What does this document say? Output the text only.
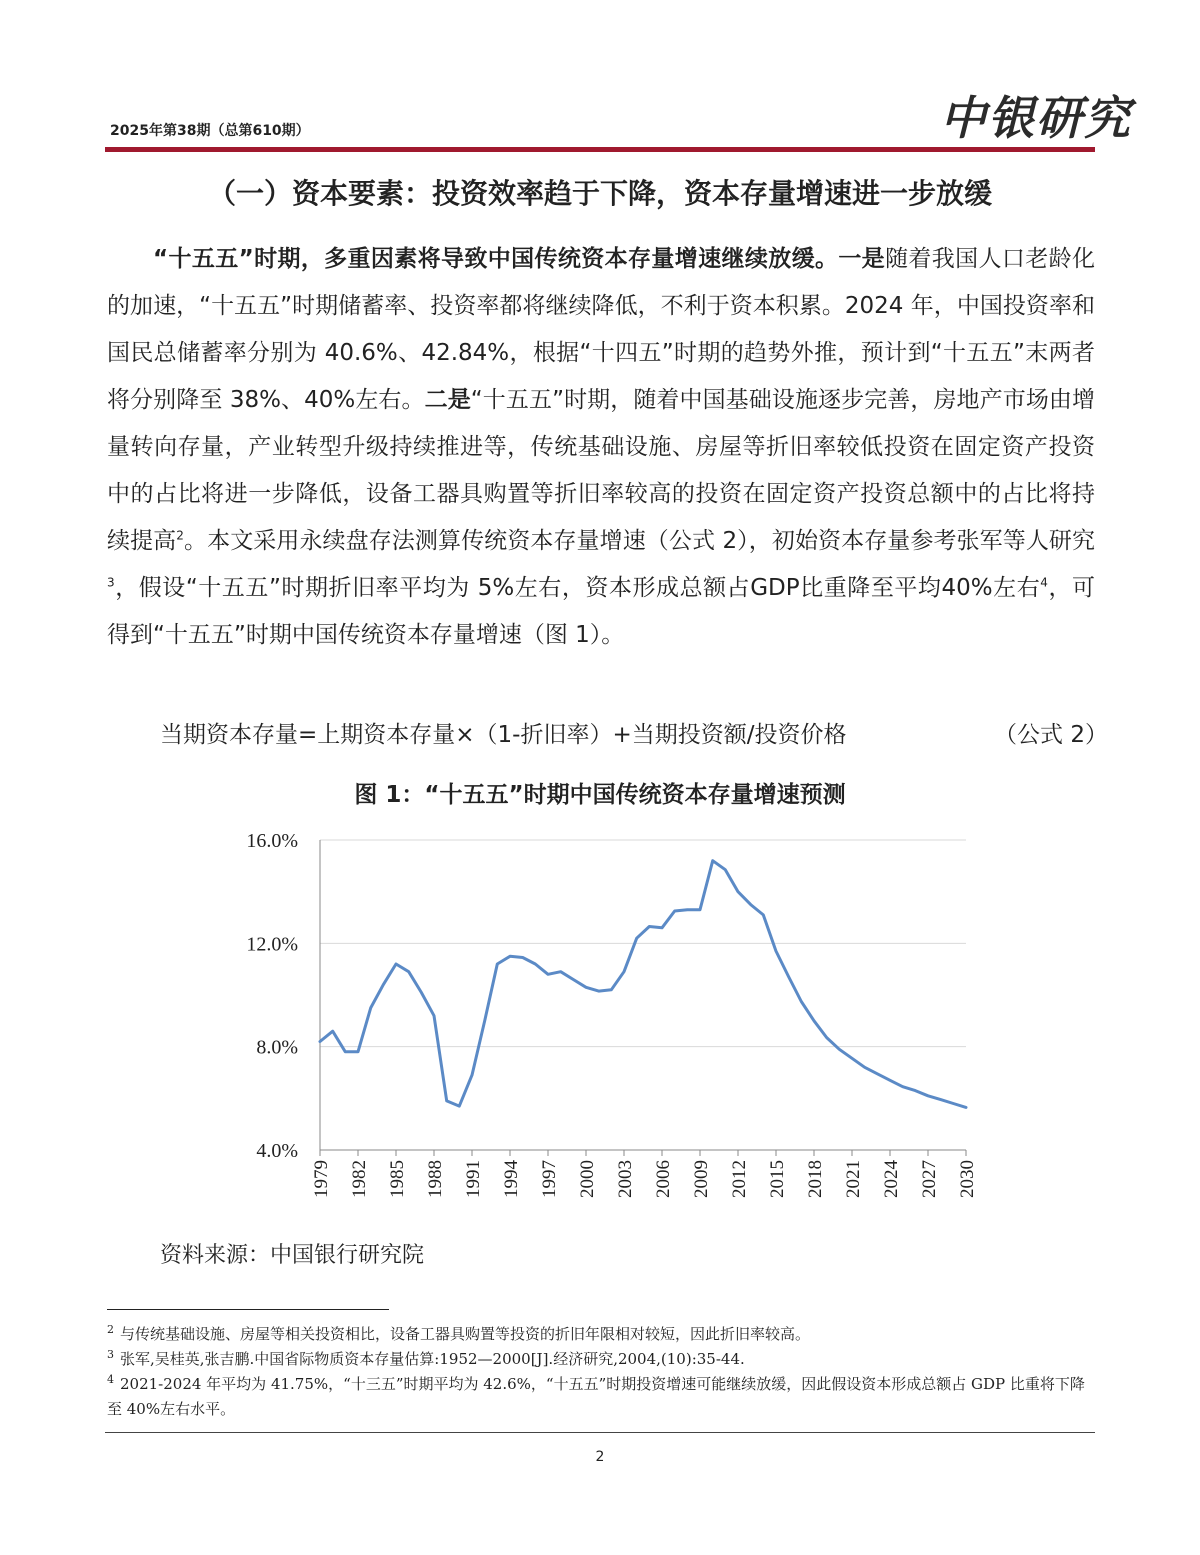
2025年第38期（总第610期）	中银研究
（一）资本要素：投资效率趋于下降，资本存量增速进一步放缓

“十五五”时期，多重因素将导致中国传统资本存量增速继续放缓。一是随着我国人口老龄化的加速，“十五五”时期储蓄率、投资率都将继续降低，不利于资本积累。2024 年，中国投资率和国民总储蓄率分别为 40.6%、42.84%，根据“十四五”时期的趋势外推，预计到“十五五”末两者将分别降至 38%、40%左右。二是“十五五”时期，随着中国基础设施逐步完善，房地产市场由增量转向存量，产业转型升级持续推进等，传统基础设施、房屋等折旧率较低投资在固定资产投资中的占比将进一步降低，设备工器具购置等折旧率较高的投资在固定资产投资总额中的占比将持续提高$^2$。本文采用永续盘存法测算传统资本存量增速（公式 2），初始资本存量参考张军等人研究$^3$，假设“十五五”时期折旧率平均为 5%左右，资本形成总额占GDP比重降至平均40%左右$^4$，可得到“十五五”时期中国传统资本存量增速（图 1）。

当期资本存量=上期资本存量×（1-折旧率）+当期投资额/投资价格	（公式 2）
图 1：“十五五”时期中国传统资本存量增速预测
4.0%
8.0%
12.0%
16.0%
1979 1982 1985 1988 1991 1994 1997 2000 2003 2006 2009 2012 2015 2018 2021 2024 2027 2030
资料来源：中国银行研究院

$^2$ 与传统基础设施、房屋等相关投资相比，设备工器具购置等投资的折旧年限相对较短，因此折旧率较高。

$^3$ 张军,吴桂英,张吉鹏.中国省际物质资本存量估算:1952—2000[J].经济研究,2004,(10):35-44.

$^4$ 2021-2024 年平均为 41.75%，“十三五”时期平均为 42.6%，“十五五”时期投资增速可能继续放缓，因此假设资本形成总额占 GDP 比重将下降至 40%左右水平。

2
